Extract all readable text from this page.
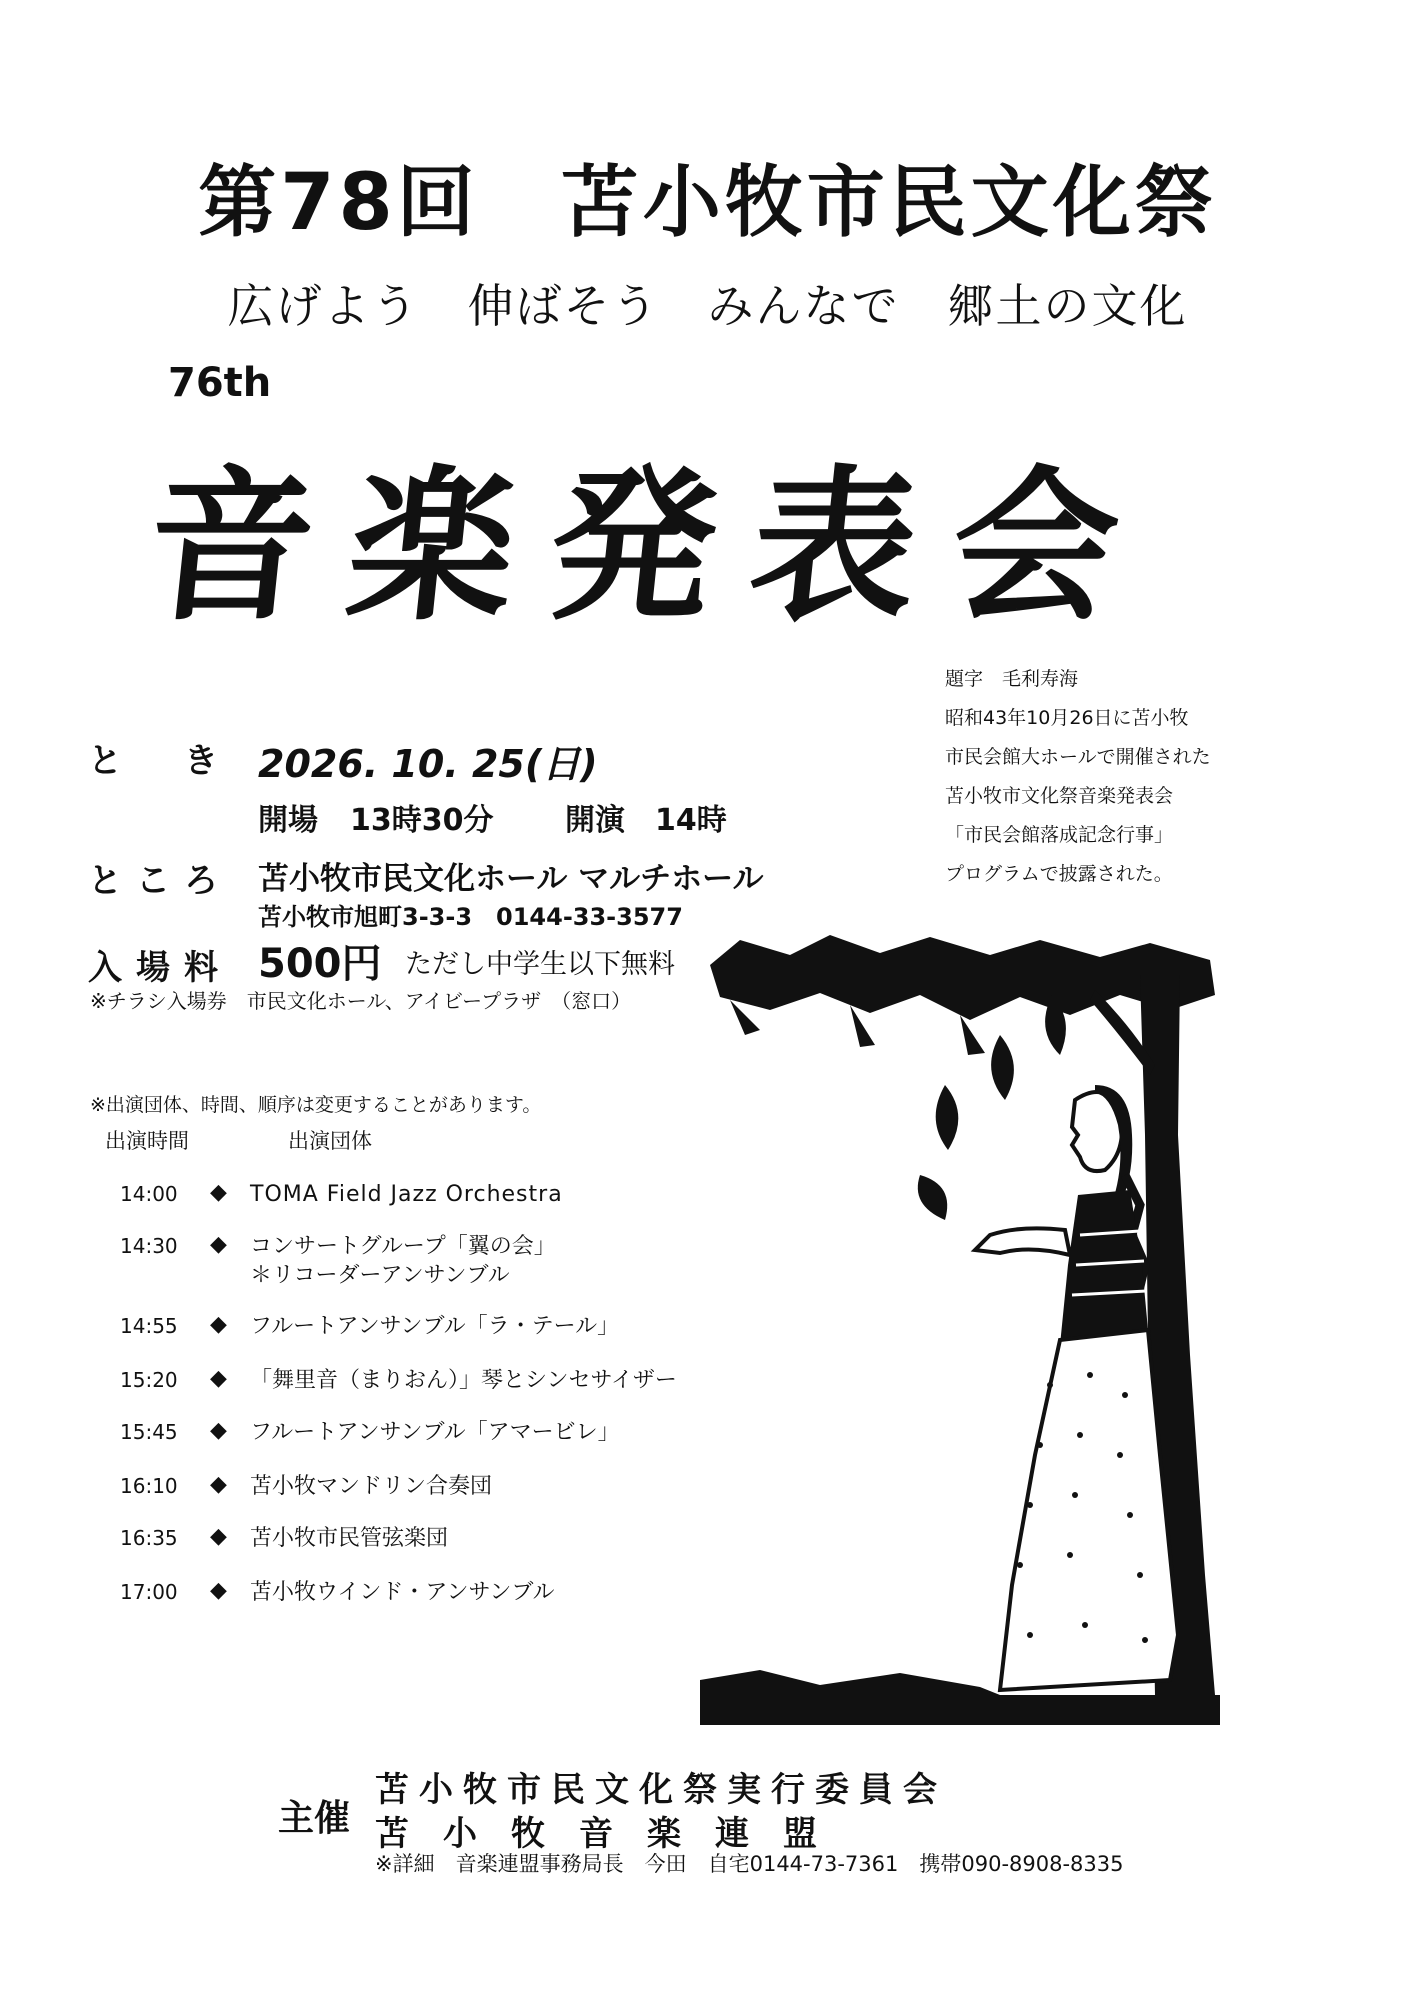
第78回　苫小牧市民文化祭
広げよう　伸ばそう　みんなで　郷土の文化
76th
音楽発表会
題字　毛利寿海
昭和43年10月26日に苫小牧
市民会館大ホールで開催された
苫小牧市文化祭音楽発表会
「市民会館落成記念行事」
プログラムで披露された。
と　き 2026. 10. 25(日)
開場 13時30分 開演 14時
ところ 苫小牧市民文化ホール マルチホール
苫小牧市旭町3-3-3　0144-33-3577
入場料 500円 ただし中学生以下無料
※チラシ入場券　市民文化ホール、アイビープラザ　（窓口）
※出演団体、時間、順序は変更することがあります。
出演時間	出演団体
14:00 ◆ TOMA Field Jazz Orchestra
14:30 ◆ コンサートグループ「翼の会」
＊リコーダーアンサンブル
14:55 ◆ フルートアンサンブル「ラ・テール」
15:20 ◆ 「舞里音（まりおん）」琴とシンセサイザー
15:45 ◆ フルートアンサンブル「アマービレ」
16:10 ◆ 苫小牧マンドリン合奏団
16:35 ◆ 苫小牧市民管弦楽団
17:00 ◆ 苫小牧ウインド・アンサンブル
主催
苫小牧市民文化祭実行委員会
苫　小　牧　音　楽　連　盟
※詳細　音楽連盟事務局長　今田　自宅0144-73-7361　携帯090-8908-8335
